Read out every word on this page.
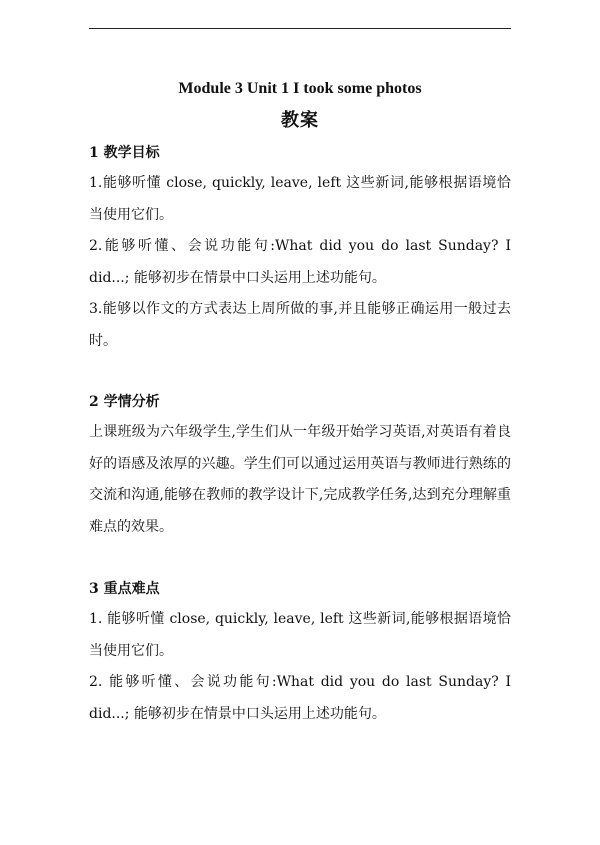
Module 3 Unit 1 I took some photos
教案
1 教学目标

1.能够听懂 close, quickly, leave, left 这些新词,能够根据语境恰当使用它们。

2.能够听懂、会说功能句:What did you do last Sunday? I did...; 能够初步在情景中口头运用上述功能句。

3.能够以作文的方式表达上周所做的事,并且能够正确运用一般过去时。

2 学情分析

上课班级为六年级学生,学生们从一年级开始学习英语,对英语有着良好的语感及浓厚的兴趣。学生们可以通过运用英语与教师进行熟练的交流和沟通,能够在教师的教学设计下,完成教学任务,达到充分理解重难点的效果。

3 重点难点

1. 能够听懂 close, quickly, leave, left 这些新词,能够根据语境恰当使用它们。

2. 能够听懂、会说功能句:What did you do last Sunday? I did...; 能够初步在情景中口头运用上述功能句。
